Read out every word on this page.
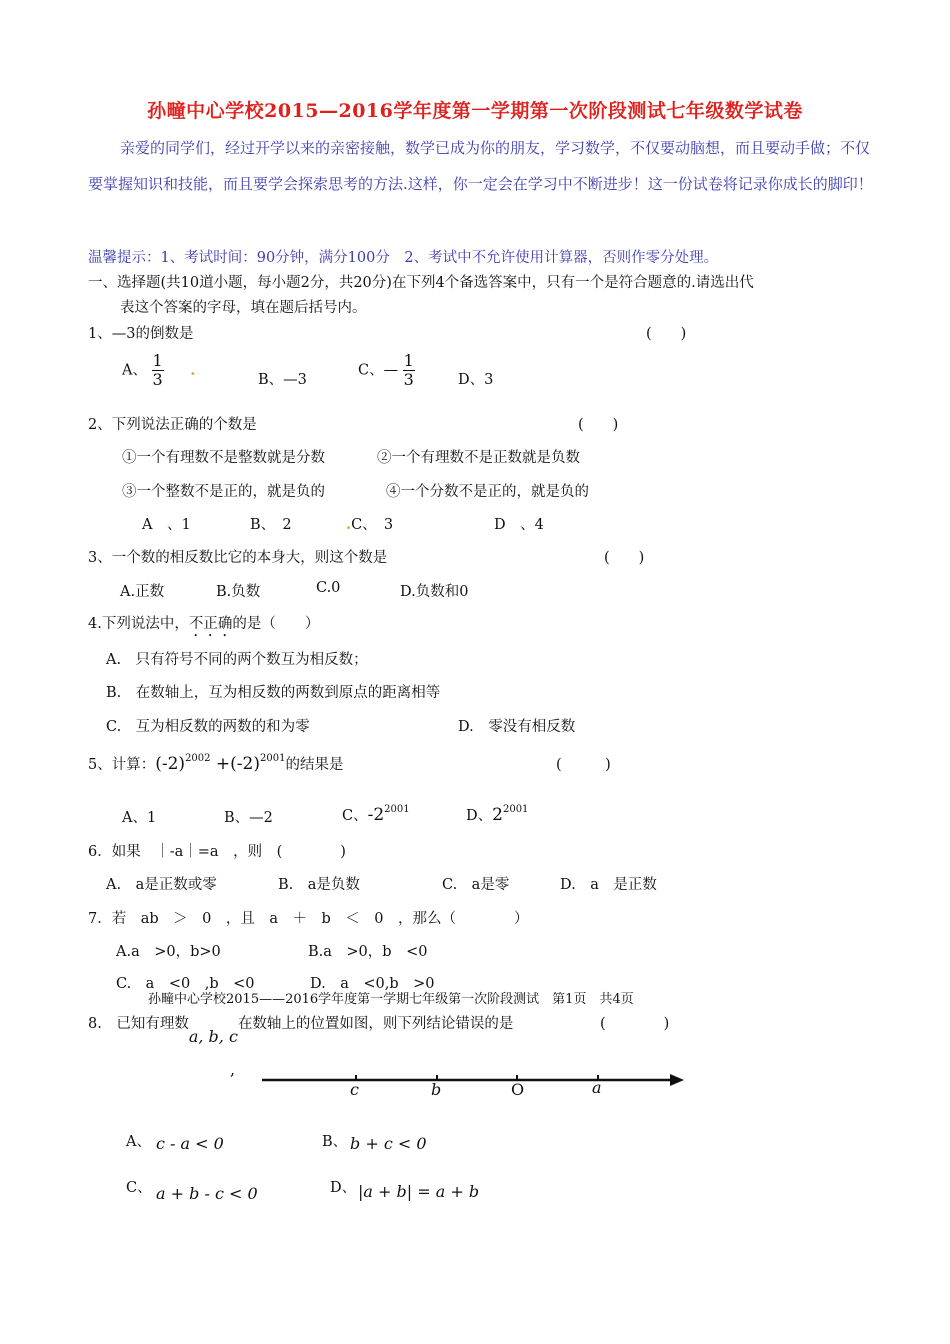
孙疃中心学校2015—2016学年度第一学期第一次阶段测试七年级数学试卷
亲爱的同学们，经过开学以来的亲密接触，数学已成为你的朋友，学习数学，不仅要动脑想，而且要动手做；不仅要掌握知识和技能，而且要学会探索思考的方法.这样，你一定会在学习中不断进步！这一份试卷将记录你成长的脚印！
温馨提示：1、考试时间：90分钟，满分100分　2、考试中不允许使用计算器，否则作零分处理。
一、选择题(共10道小题，每小题2分，共20分)在下列4个备选答案中，只有一个是符合题意的.请选出代
表这个答案的字母，填在题后括号内。
1、—3的倒数是	(　　)
A、 $\frac{1}{3}$ .
B、—3
C、— $\frac{1}{3}$	D、3
2、下列说法正确的个数是	(　　)
①一个有理数不是整数就是分数	②一个有理数不是正数就是负数
③一个整数不是正的，就是负的	④一个分数不是正的，就是负的
A　、1	B、　2	.C、　3	D　、4
3、一个数的相反数比它的本身大，则这个数是	(　　)
A.正数	B.负数	C.0	D.负数和0
4.下列说法中，不正确的是（　　）
A.　只有符号不同的两个数互为相反数；
B.　在数轴上，互为相反数的两数到原点的距离相等
C.　互为相反数的两数的和为零	D.　零没有相反数
5、计算：$(-2)^{2002} +(-2)^{2001}$的结果是	(　　　)
A、1	B、—2	C、$-2^{2001}$	D、$2^{2001}$
6．如果　｜-a｜=a　，则　(　　　　)
A.　a是正数或零	B.　a是负数	C.　a是零	D.　a　是正数
7．若　ab　＞　0　，且　a　＋　b　＜　0　，那么（　　　　）
A.a　>0，b>0	B.a　>0，b　<0
C.　a　<0　,b　<0	D.　a　<0,b　>0
孙疃中心学校2015——2016学年度第一学期七年级第一次阶段测试　第1页　共4页
8.　已知有理数a, b, c在数轴上的位置如图，则下列结论错误的是	(　　　　)
,
c	b	O	a
A、 c - a < 0	B、 b + c < 0
C、 a + b - c < 0	D、 |a + b| = a + b
